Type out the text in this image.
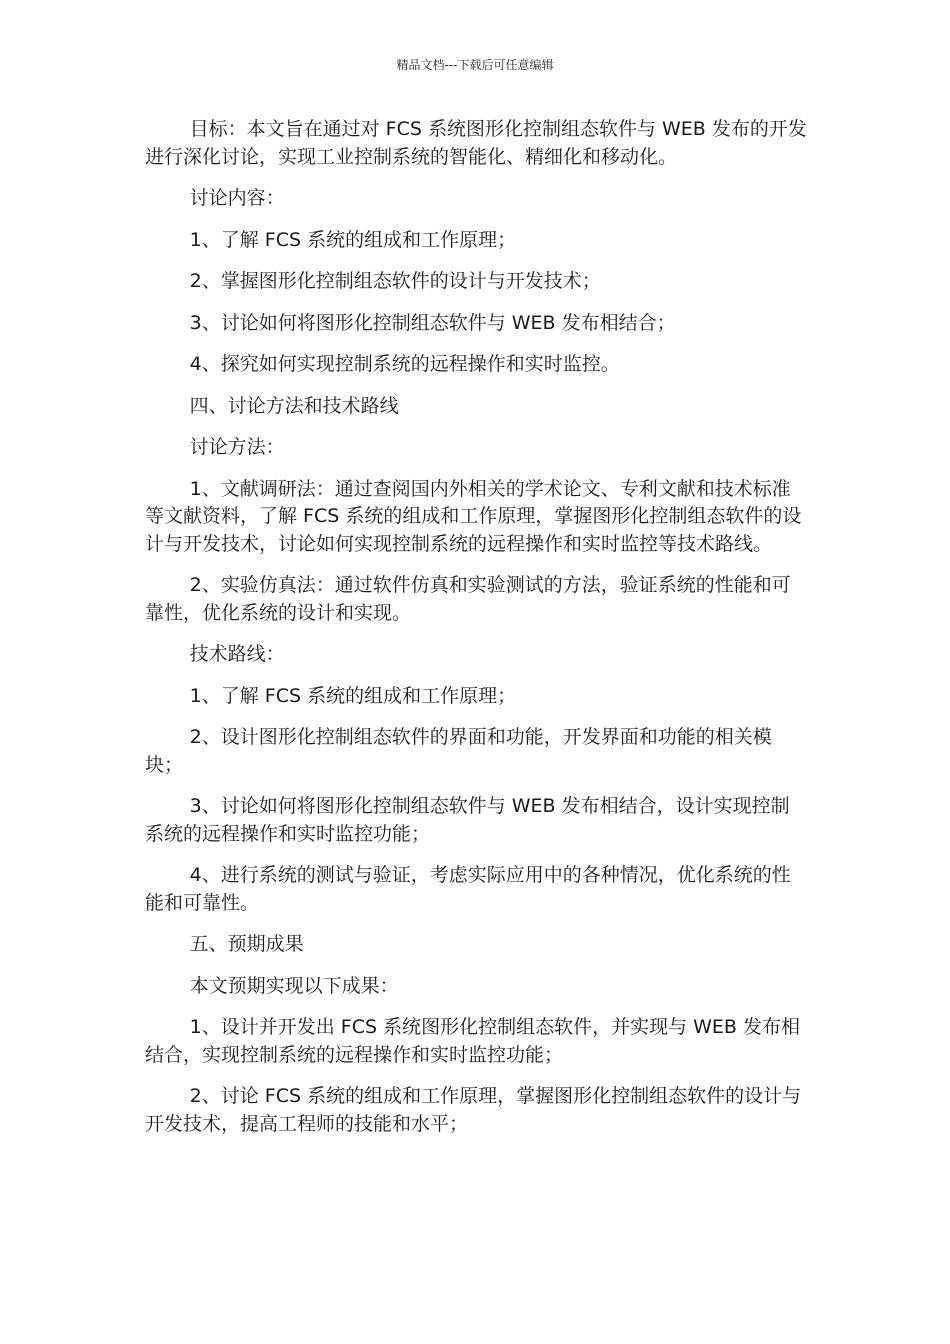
精品文档---下载后可任意编辑

目标：本文旨在通过对 FCS 系统图形化控制组态软件与 WEB 发布的开发进行深化讨论，实现工业控制系统的智能化、精细化和移动化。

讨论内容：

1、了解 FCS 系统的组成和工作原理；

2、掌握图形化控制组态软件的设计与开发技术；

3、讨论如何将图形化控制组态软件与 WEB 发布相结合；

4、探究如何实现控制系统的远程操作和实时监控。

四、讨论方法和技术路线

讨论方法：

1、文献调研法：通过查阅国内外相关的学术论文、专利文献和技术标准等文献资料，了解 FCS 系统的组成和工作原理，掌握图形化控制组态软件的设计与开发技术，讨论如何实现控制系统的远程操作和实时监控等技术路线。

2、实验仿真法：通过软件仿真和实验测试的方法，验证系统的性能和可靠性，优化系统的设计和实现。

技术路线：

1、了解 FCS 系统的组成和工作原理；

2、设计图形化控制组态软件的界面和功能，开发界面和功能的相关模块；

3、讨论如何将图形化控制组态软件与 WEB 发布相结合，设计实现控制系统的远程操作和实时监控功能；

4、进行系统的测试与验证，考虑实际应用中的各种情况，优化系统的性能和可靠性。

五、预期成果

本文预期实现以下成果：

1、设计并开发出 FCS 系统图形化控制组态软件，并实现与 WEB 发布相结合，实现控制系统的远程操作和实时监控功能；

2、讨论 FCS 系统的组成和工作原理，掌握图形化控制组态软件的设计与开发技术，提高工程师的技能和水平；
